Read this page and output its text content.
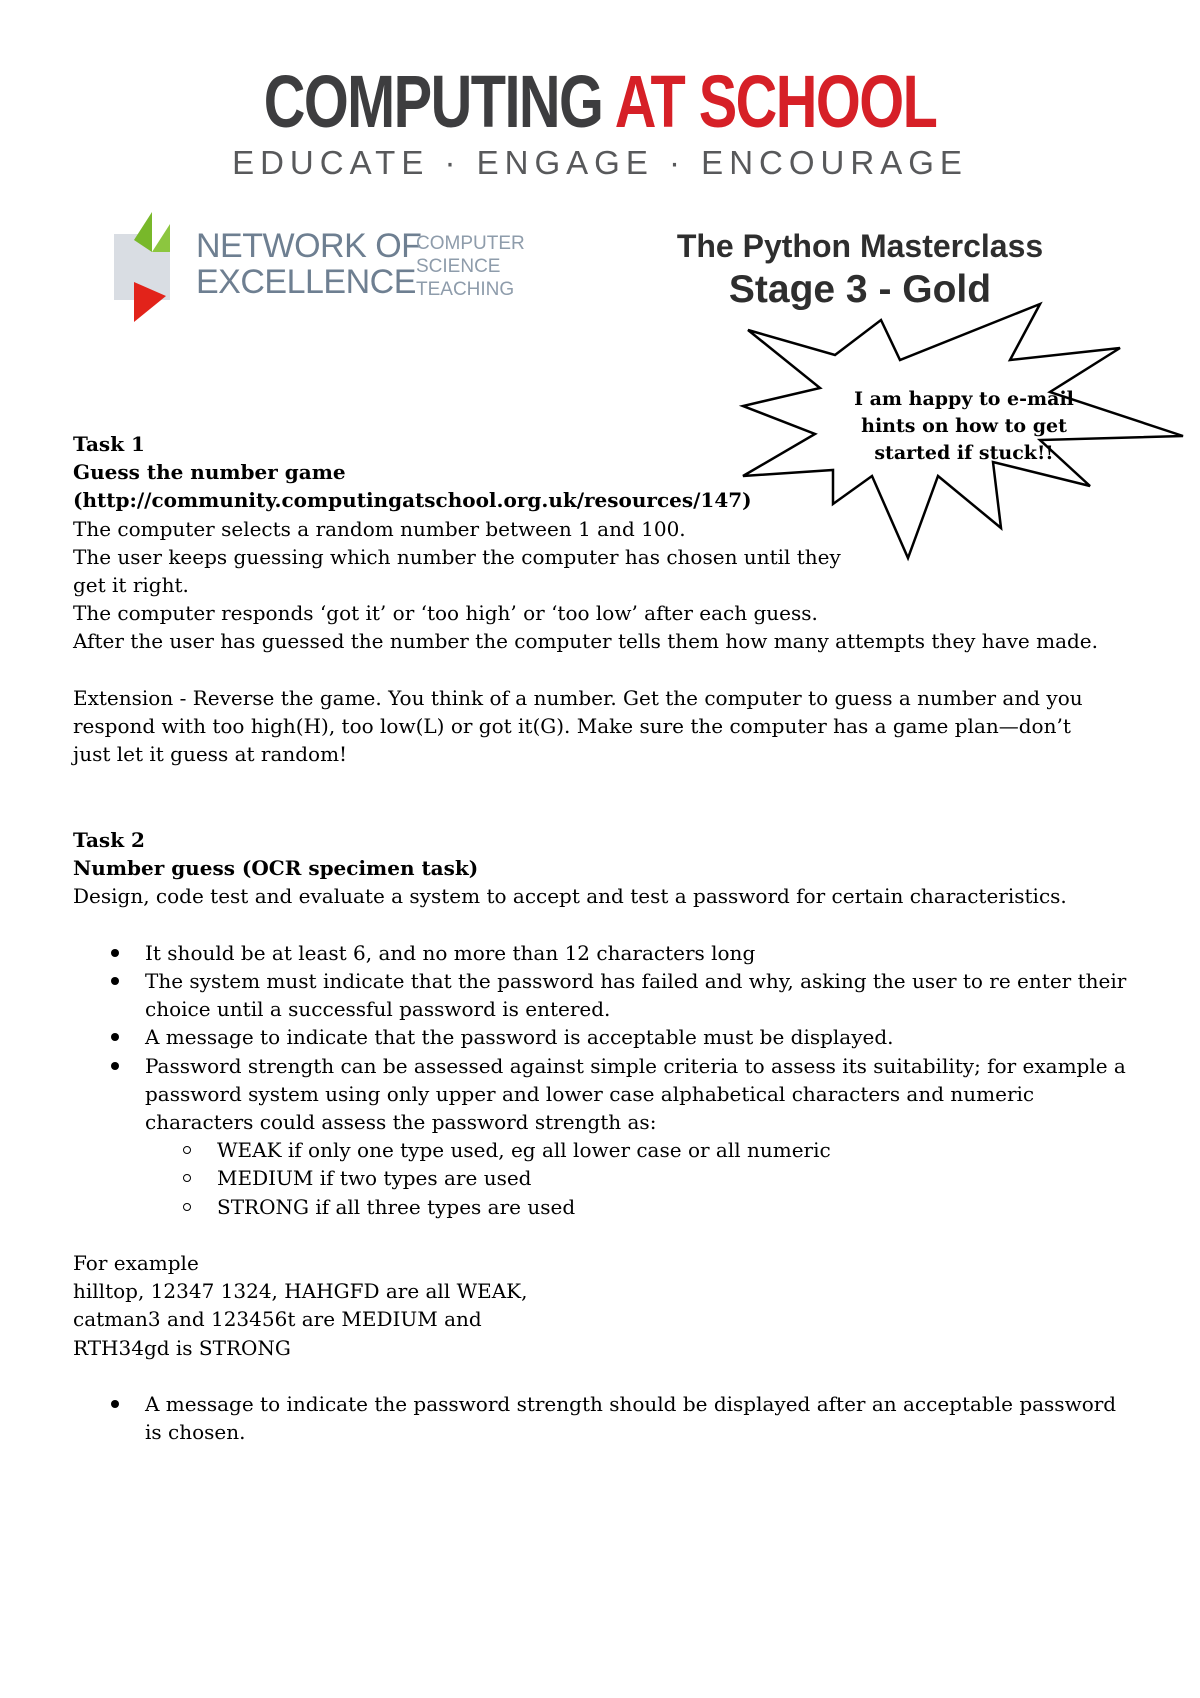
COMPUTING AT SCHOOL
EDUCATE · ENGAGE · ENCOURAGE
NETWORK OF
EXCELLENCE
COMPUTER
SCIENCE
TEACHING
The Python Masterclass
Stage 3 - Gold
I am happy to e-mail
hints on how to get
started if stuck!!

Task 1

Guess the number game

(http://community.computingatschool.org.uk/resources/147)

The computer selects a random number between 1 and 100.

The user keeps guessing which number the computer has chosen until they

get it right.

The computer responds ‘got it’ or ‘too high’ or ‘too low’ after each guess.

After the user has guessed the number the computer tells them how many attempts they have made.

Extension - Reverse the game. You think of a number. Get the computer to guess a number and you

respond with too high(H), too low(L) or got it(G). Make sure the computer has a game plan—don’t

just let it guess at random!

Task 2

Number guess (OCR specimen task)

Design, code test and evaluate a system to accept and test a password for certain characteristics.

It should be at least 6, and no more than 12 characters long
The system must indicate that the password has failed and why, asking the user to re enter their choice until a successful password is entered.
A message to indicate that the password is acceptable must be displayed.
Password strength can be assessed against simple criteria to assess its suitability; for example a password system using only upper and lower case alphabetical characters and numeric characters could assess the password strength as:
WEAK if only one type used, eg all lower case or all numeric
MEDIUM if two types are used
STRONG if all three types are used

For example

hilltop, 12347 1324, HAHGFD are all WEAK,

catman3 and 123456t are MEDIUM and

RTH34gd is STRONG

A message to indicate the password strength should be displayed after an acceptable password is chosen.
